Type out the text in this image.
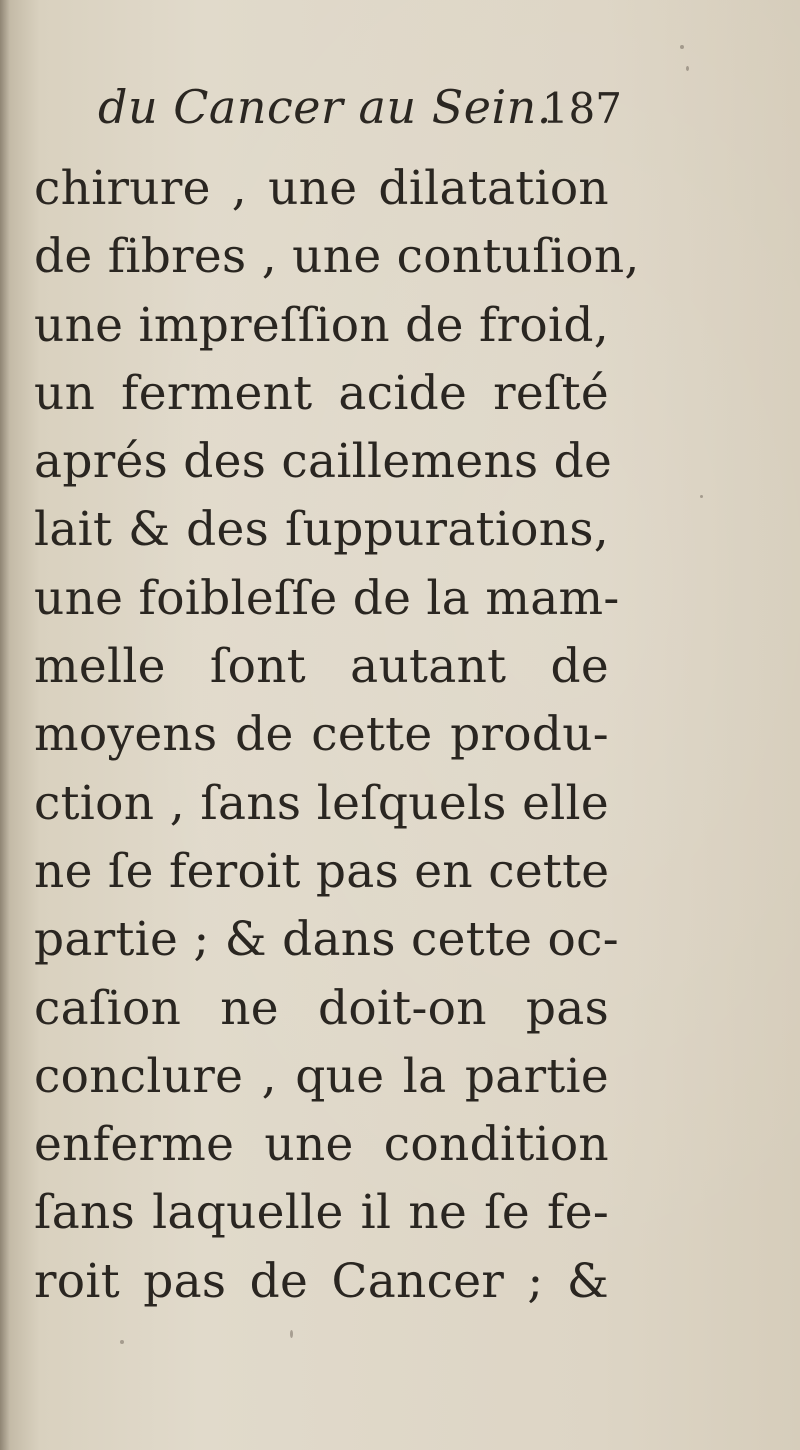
du Cancer au Sein.
187
chirure , une dilatation
de fibres , une contuſion,
une impreſſion de froid,
un ferment acide reſté
aprés des caillemens de
lait & des ſuppurations,
une foibleſſe de la mam-
melle ſont autant de
moyens de cette produ-
ction , ſans leſquels elle
ne ſe feroit pas en cette
partie ; & dans cette oc-
caſion ne doit-on pas
conclure , que la partie
enferme une condition
ſans laquelle il ne ſe fe-
roit pas de Cancer ; &
